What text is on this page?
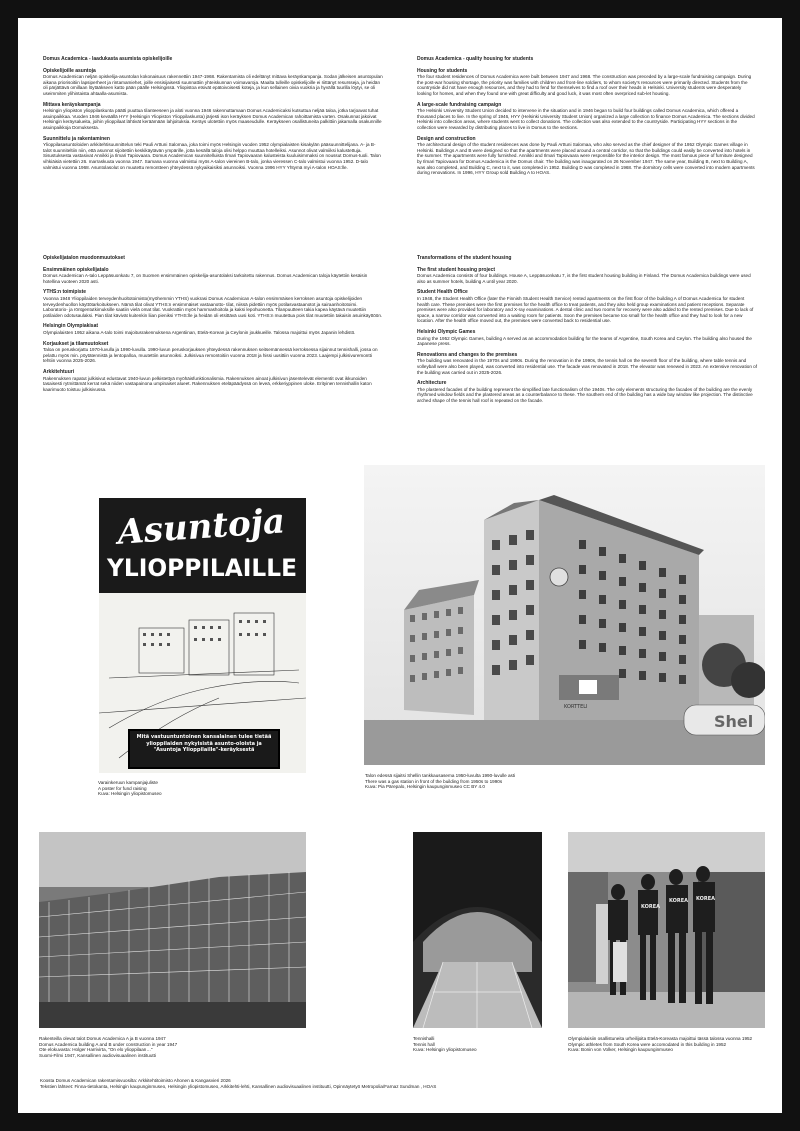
Domus Academica - laadukasta asumista opiskelijoille
Opiskelijoille asuntoja

Domus Academican neljän opiskelija-asuntolan kokonaisuus rakennettiin 1947-1968. Rakentamista oli edeltänyt mittava keräyskampanja. Sodan jälkeisen asuntopulan aikana priorisoitiin lapsiperheet ja rintamamiehet, joille ensisijaisesti suunnattiin yhteiskunnan voimavaroja. Maalta tulleille opiskelijoille ei riittänyt resursseja, ja heidän oli pärjättävä omillaan löytääkseen katto pään päälle Helsingissä. Yliopistoa etsivät epätoivoisesti koteja, ja kun sellainen oivia vuokria ja hyvällä tuurilla löytyi, se oli useimmiten ylihintaista ahtaalla-asumista.

Mittava keräyskampanja

Helsingin yliopiston ylioppilaskunta päätti puuttua tilanteeseen ja aloti vuonna 1946 rakennuttamaan Domus Academicaksi kutsuttua neljää taloa, jotka tarjoavat tuhat asuinpaikkaa. Vuoden 1946 keväällä HYY (Helsingin Yliopiston Ylioppilaskunta) järjesti ison keräyksen Domus Academican rahoittamista varten. Osakunnat jakoivat Helsingin keräysalueita, joihin ylioppilaat lähtivät keräämään lahjoituksia. Keräys ulotettiin myös maaseudulle. Keräykseen osallistuneita palkittiin jakamalla osakunnille asuinpaikkoja Domuksesta.

Suunnittelu ja rakentaminen

Ylioppilasasuntoloiden arkkitehtisuunnittelun teki Pauli Arttuni Salomaa, joka toimi myös Helsingin vuoden 1952 olympialaisten kisakylän pääsuunnittelijana. A- ja B-talot suunniteltiin niin, että asunnot sijoitettiin keskikäytävän ympärille, jotta kesällä taloja olisi helppo muuttaa hotelleiksi. Asunnot olivat valmiiksi kalustettuja. Sisustuksesta vastasivat Annikki ja Ilmari Tapiovaara. Domus Academican suunnitelluista Ilmari Tapiovaaran kalusteista kuuluisimmaksi on noussut Domus-tuoli. Talon vihkiäisiä vietettiin 26. marraskuuta vuonna 1947. Samana vuonna valmistui myös A-talon viereinen B-talo, jonka vieressen C-talo valmistui vuonna 1952. D-talo valmistui vuonna 1968. Asuntolasolut on muutettu remontteen yhteydessä nykyaikaisiksi asunnoiksi. Vuonna 1996 HYY Yhtymä myi A-talon HOAS:lle.

Domus Academica - quality housing for students
Housing for students

The four student residences of Domus Academica were built between 1947 and 1968. The construction was preceded by a large-scale fundraising campaign. During the post-war housing shortage, the priority was families with children and front-line soldiers, to whom society's resources were primarily directed. Students from the countryside did not have enough resources, and they had to fend for themselves to find a roof over their heads in Helsinki. University students were desperately looking for homes, and when they found one with great difficulty and good luck, it was most often overpriced sub-let housing.

A large-scale fundraising campaign

The Helsinki University Student Union decided to intervene in the situation and in 1946 began to build four buildings called Domus Academica, which offered a thousand places to live. In the spring of 1946, HYY (Helsinki University Student Union) organized a large collection to finance Domus Academica. The sections divided Helsinki into collection areas, where students went to collect donations. The collection was also extended to the countryside. Participating HYY sections in the collection were rewarded by distributing places to live in Domus to the sections.

Design and construction

The architectural design of the student residences was done by Pauli Arttuni Salomaa, who also served as the chief designer of the 1952 Olympic Games village in Helsinki. Buildings A and B were designed so that the apartments were placed around a central corridor, so that the buildings could easily be converted into hotels in the summer. The apartments were fully furnished. Annikki and Ilmari Tapiovaara were responsible for the interior design. The most famous piece of furniture designed by Ilmari Tapiovaara for Domus Academica is the Domus chair. The building was inaugurated on 26 November 1947. The same year, Building B, next to Building A, was also completed, and Building C, next to it, was completed in 1952. Building D was completed in 1968. The dormitory cells were converted into modern apartments during renovations. In 1996, HYY Group sold Building A to HOAS.

Opiskelijatalon muodonmuutokset
Ensimmäinen opiskelijatalo

Domus Academican A-talo Leppäsuonkatu 7, on Suomen ensimmäinen opiskelija-asuntolaksi tarkoitettu rakennus. Domus Academican taloja käytettiin kesäisin hotellina vuoteen 2020 asti.

YTHS:n toimipiste

Vuonna 1948 Ylioppilaiden terveydenhuoltotoimisto(myöhemmin YTHS) vuokrasi Domus Academican A-talon ensimmäisen kerroksen asuntoja opiskelijoiden terveydenhuollon käyttötarkoitukseen. Nämä tilat olivat YTHS:n ensimmäiset vastaanotto- tilat, niissä pidettiin myös potilasvastaanotot ja sairaanhoitotoimi. Laboratorio- ja röntgentutkimuksille saatiin vielä omat tilat. Vuokrattiin myös hammashoitola ja kaksi lepohuonetta. Tilanpuutteen takia kapea käytävä muutettiin potilaiden odotusaulaksi. Pian tilat kävivät kuitenkin liian pieniksi YTHS:lle ja heidän oli etsittävä uusi koti. YTHS:n muutettua pois tilat muutettiin takaisin asuinkäyttöön.

Helsingin Olympiakisat

Olympialaisten 1952 aikana A-talo toimi majoitusrakennuksena Argentiinan, Etelä-Korean ja Ceylonin joukkueille. Talossa majoittui myös Japanin lehdistö.

Korjaukset ja tilamuutokset

Taloa on peruskorjattu 1970-luvulla ja 1990-luvulla. 1990-luvun peruskorjauksen yhteydessä rakennuksen seitsemännessä kerroksessa sijainnut tennishalli, jossa on pelattu myös min. pöytätennistä ja lentopalloa, muutettiin asunnoiksi. Julkisivua remontoitiin vuonna 2018 ja hissi uusittiin vuonna 2023. Laajempi julkisivuremontti tehtiin vuonna 2025-2026.

Arkkitehtuuri

Rakennuksen rapatut julkisivut edustavat 1940-luvun pelkistettyä myöhäisfunktionalismia. Rakennuksen ainoat julkisivun jäsentelevät elementit ovat ikkunoiden tasaisesti rytmittämät kerrat sekä niiden vastapainona umpinaiset alueet. Rakennuksen eteläpäädyssä on leveä, erkkeriyppinen uloke. Erityinen tennishallin katon kaarimuoto toistuu julkisivussa.

Transformations of the student housing
The first student housing project

Domus Academica consists of four buildings. House A, Leppäsuonkatu 7, is the first student housing building in Finland. The Domus Academica buildings were used also as summer hotels, building A until year 2020.

Student Health Office

In 1948, the Student Health Office (later the Finnish Student Health Service) rented apartments on the first floor of the building A of Domus Academica for student health care. These premises were the first premises for the health office to treat patients, and they also held group examinations and patient receptions. Separate premises were also provided for laboratory and X-ray examinations. A dental clinic and two rooms for recovery were also added to the rented premises. Due to lack of space, a narrow corridor was converted into a waiting room for patients. Soon the premises became too small for the health office and they had to look for a new location. After the health office moved out, the premises were converted back to residential use.

Helsinki Olympic Games

During the 1952 Olympic Games, building A served as an accommodation building for the teams of Argentine, South Korea and Ceylon. The building also housed the Japanese press.

Renovations and changes to the premises

The building was renovated in the 1970s and 1990s. During the renovation in the 1990s, the tennis hall on the seventh floor of the building, where table tennis and volleyball were also been played, was converted into residential use. The facade was renovated in 2018. The elevator was renewed in 2023. An extensive renovation of the building was carried out in 2025-2026.

Architecture

The plastered facades of the building represent the simplified late functionalism of the 1940s. The only elements structuring the facades of the building are the evenly rhythmed window fields and the plastered areas as a counterbalance to these. The southern end of the building has a wide bay window like projection. The distinctive arched shape of the tennis hall roof is repeated on the facade.

Asuntoja
YLIOPPILAILLE
Mitä vastuuntuntoinen kansalainen tulee tietää ylioppilaiden nykyisistä asunto-oloista ja "Asuntoja Ylioppilaille"-keräyksestä
Varainkeruun kampanjajuliste
A poster for fund raising
Kuva: Helsingin yliopistomuseo
Shel
KORTTELI
Talon edessä sijaitsi Shellin tankkausasema 1950-luvulta 1990-luvulle asti
There was a gas station in front of the building from 1950s to 1990s
Kuva: Pia Pärepalo, Helsingin kaupunginmuseo CC BY 4.0
Rakenteilla olevat talot Domus Academica A ja B vuonna 1947
Domus Academica building A and B under construction in year 1947
Ote elokuvasta: Holger Harrivirta, "On elo ylioppilaan…"
Suomi-Filmi 1947, Kansallinen audiovisuaalinen instituutti
Tennishalli
Tennis hall
Kuva: Helsingin yliopistomuseo
KOREA
KOREA KOREA
Olympialaisiin osallistuneita urheilijoita Etelä-Koreasta majoittui tässä talossa vuonna 1952
Olympic athletes from South Korea were accomodated in this building in 1952
Kuva: Bonin von Volker, Helsingin kaupunginmuseo
Koosta Domus Academican rakentamisvuosilta: Arkkitehtitoimisto Ahonen & Kangasvieri 2026
Tekstien lähteet: Finna-tietokanta, Helsingin kaupunginmuseo, Helsingin yliopistomuseo, Arkkitehti-lehti, Kansallinen audiovisuaalinen instituutti, Opinnäytetyö Metropolia/Farnaz Sundman , HOAS
